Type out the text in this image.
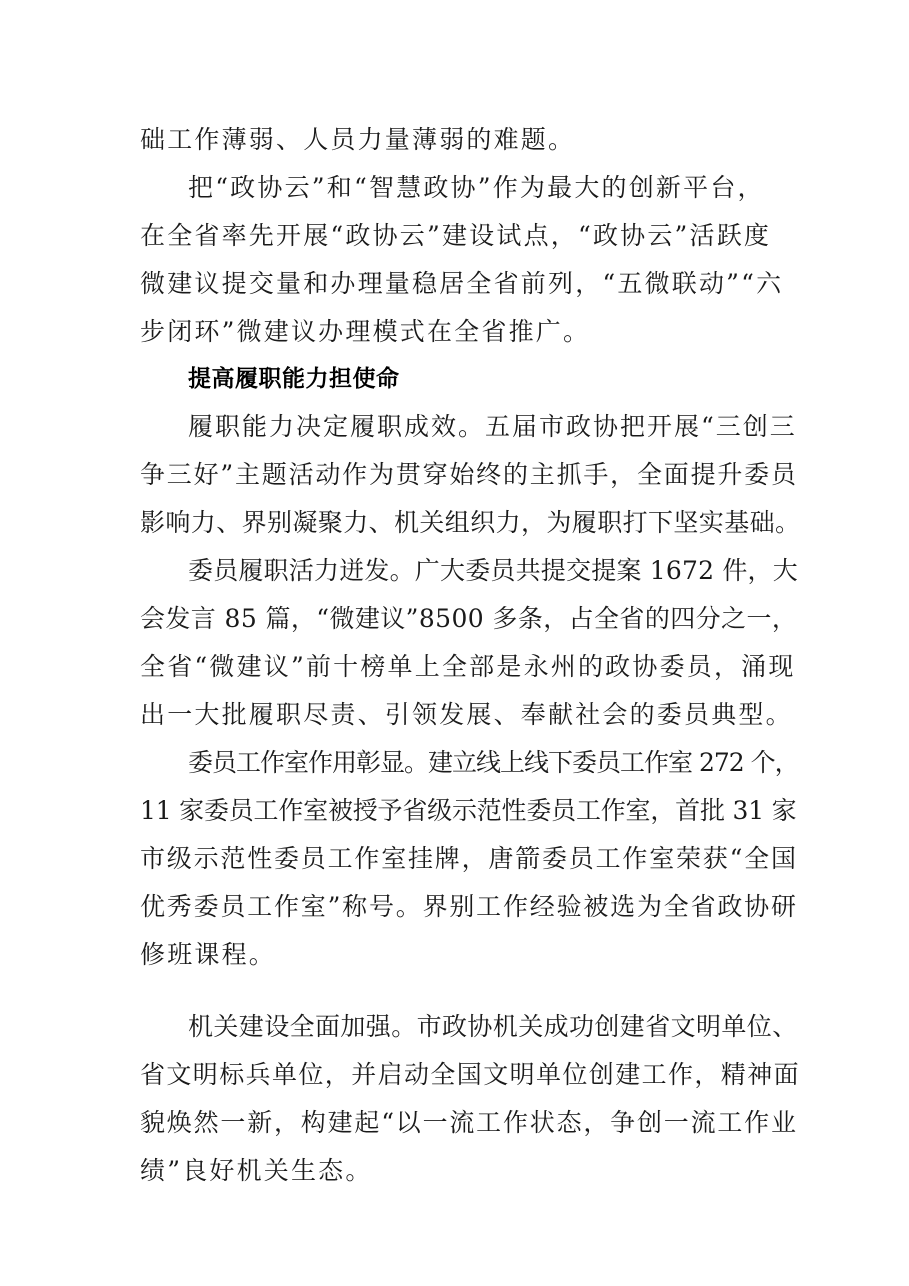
础工作薄弱、人员力量薄弱的难题。
把“政协云”和“智慧政协”作为最大的创新平台，
在全省率先开展“政协云”建设试点，“政协云”活跃度
微建议提交量和办理量稳居全省前列，“五微联动”“六
步闭环”微建议办理模式在全省推广。
提高履职能力担使命
履职能力决定履职成效。五届市政协把开展“三创三
争三好”主题活动作为贯穿始终的主抓手，全面提升委员
影响力、界别凝聚力、机关组织力，为履职打下坚实基础。
委员履职活力迸发。广大委员共提交提案 1672 件，大
会发言 85 篇，“微建议”8500 多条，占全省的四分之一，
全省“微建议”前十榜单上全部是永州的政协委员，涌现
出一大批履职尽责、引领发展、奉献社会的委员典型。
委员工作室作用彰显。建立线上线下委员工作室 272 个，
11 家委员工作室被授予省级示范性委员工作室，首批 31 家
市级示范性委员工作室挂牌，唐箭委员工作室荣获“全国
优秀委员工作室”称号。界别工作经验被选为全省政协研
修班课程。
机关建设全面加强。市政协机关成功创建省文明单位、
省文明标兵单位，并启动全国文明单位创建工作，精神面
貌焕然一新，构建起“以一流工作状态，争创一流工作业
绩”良好机关生态。
